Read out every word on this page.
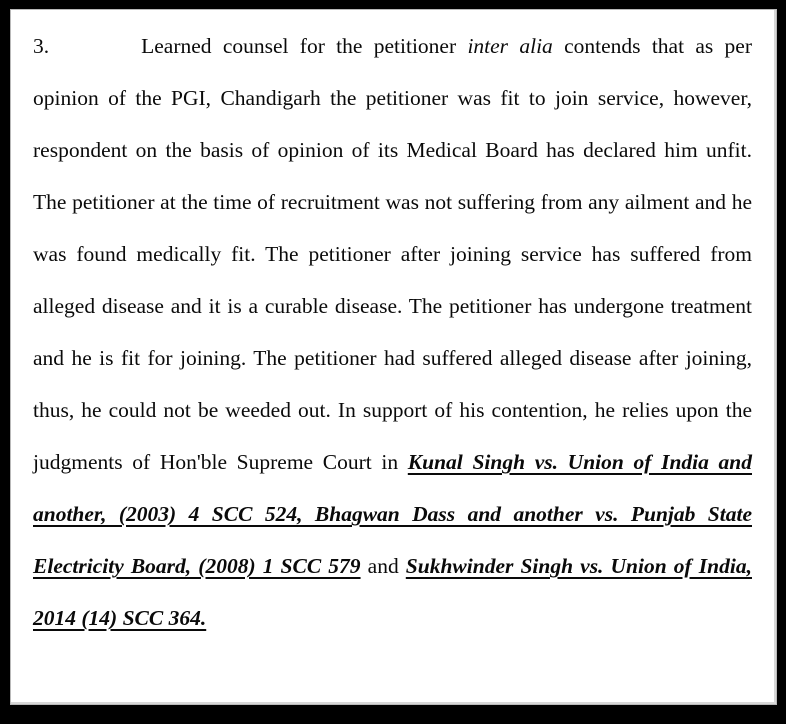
3.	Learned counsel for the petitioner inter alia contends that as per opinion of the PGI, Chandigarh the petitioner was fit to join service, however, respondent on the basis of opinion of its Medical Board has declared him unfit. The petitioner at the time of recruitment was not suffering from any ailment and he was found medically fit. The petitioner after joining service has suffered from alleged disease and it is a curable disease. The petitioner has undergone treatment and he is fit for joining. The petitioner had suffered alleged disease after joining, thus, he could not be weeded out. In support of his contention, he relies upon the judgments of Hon'ble Supreme Court in Kunal Singh vs. Union of India and another, (2003) 4 SCC 524, Bhagwan Dass and another vs. Punjab State Electricity Board, (2008) 1 SCC 579 and Sukhwinder Singh vs. Union of India, 2014 (14) SCC 364.
